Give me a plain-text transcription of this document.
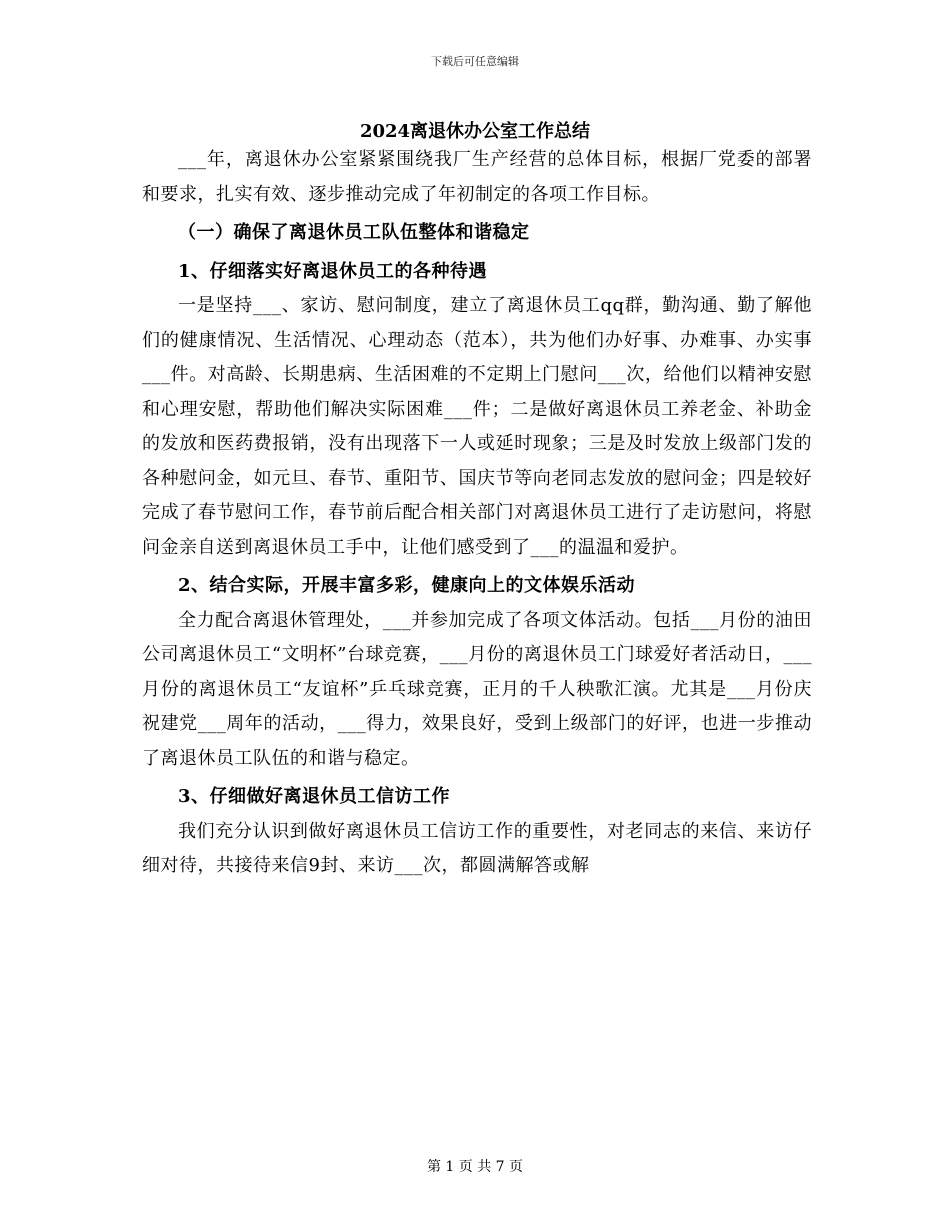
下载后可任意编辑
2024离退休办公室工作总结

___年，离退休办公室紧紧围绕我厂生产经营的总体目标，根据厂党委的部署和要求，扎实有效、逐步推动完成了年初制定的各项工作目标。

（一）确保了离退休员工队伍整体和谐稳定
1、仔细落实好离退休员工的各种待遇

一是坚持___、家访、慰问制度，建立了离退休员工qq群，勤沟通、勤了解他们的健康情况、生活情况、心理动态（范本），共为他们办好事、办难事、办实事___件。对高龄、长期患病、生活困难的不定期上门慰问___次，给他们以精神安慰和心理安慰，帮助他们解决实际困难___件；二是做好离退休员工养老金、补助金的发放和医药费报销，没有出现落下一人或延时现象；三是及时发放上级部门发的各种慰问金，如元旦、春节、重阳节、国庆节等向老同志发放的慰问金；四是较好完成了春节慰问工作，春节前后配合相关部门对离退休员工进行了走访慰问，将慰问金亲自送到离退休员工手中，让他们感受到了___的温温和爱护。

2、结合实际，开展丰富多彩，健康向上的文体娱乐活动

全力配合离退休管理处，___并参加完成了各项文体活动。包括___月份的油田公司离退休员工“文明杯”台球竞赛，___月份的离退休员工门球爱好者活动日，___月份的离退休员工“友谊杯”乒乓球竞赛，正月的千人秧歌汇演。尤其是___月份庆祝建党___周年的活动，___得力，效果良好，受到上级部门的好评，也进一步推动了离退休员工队伍的和谐与稳定。

3、仔细做好离退休员工信访工作

我们充分认识到做好离退休员工信访工作的重要性，对老同志的来信、来访仔细对待，共接待来信9封、来访___次，都圆满解答或解

第 1 页 共 7 页
